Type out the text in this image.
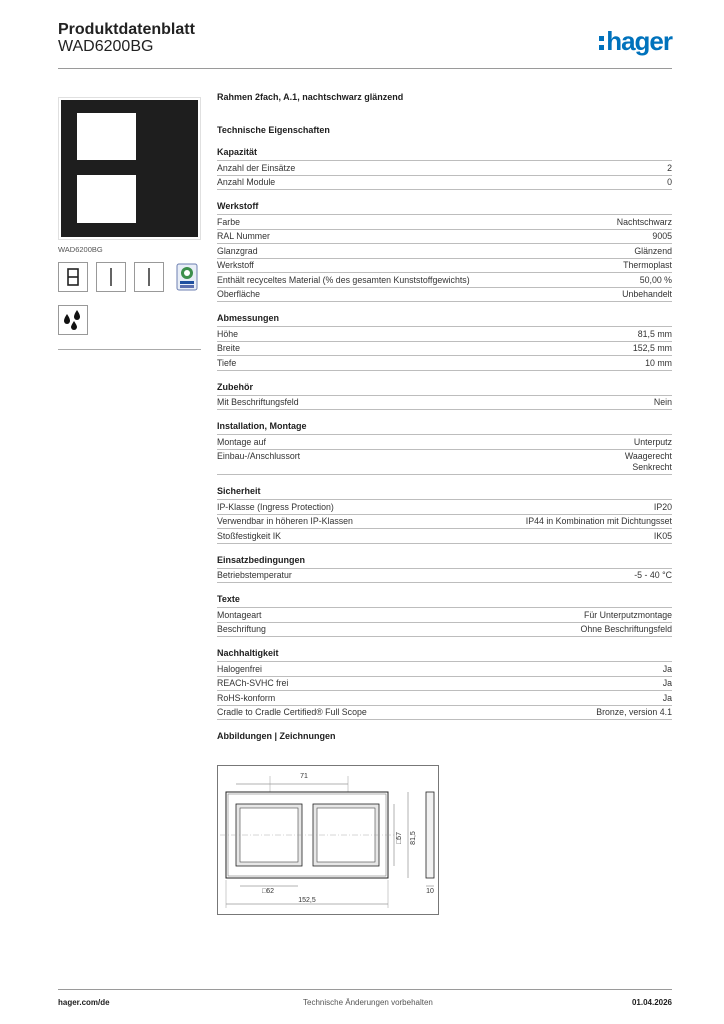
Produktdatenblatt
WAD6200BG	hager
WAD6200BG
Rahmen 2fach, A.1, nachtschwarz glänzend
Technische Eigenschaften
Kapazität
Anzahl der Einsätze	2
Anzahl Module	0
Werkstoff
Farbe	Nachtschwarz
RAL Nummer	9005
Glanzgrad	Glänzend
Werkstoff	Thermoplast
Enthält recyceltes Material (% des gesamten Kunststoffgewichts)	50,00 %
Oberfläche	Unbehandelt
Abmessungen
Höhe	81,5 mm
Breite	152,5 mm
Tiefe	10 mm
Zubehör
Mit Beschriftungsfeld	Nein
Installation, Montage
Montage auf	Unterputz
Einbau-/Anschlussort	Waagerecht
Senkrecht
Sicherheit
IP-Klasse (Ingress Protection)	IP20
Verwendbar in höheren IP-Klassen	IP44 in Kombination mit Dichtungsset
Stoßfestigkeit IK	IK05
Einsatzbedingungen
Betriebstemperatur	-5 - 40 °C
Texte
Montageart	Für Unterputzmontage
Beschriftung	Ohne Beschriftungsfeld
Nachhaltigkeit
Halogenfrei	Ja
REACh-SVHC frei	Ja
RoHS-konform	Ja
Cradle to Cradle Certified® Full Scope	Bronze, version 4.1
Abbildungen | Zeichnungen
71
□57 81,5
□62
152,5
10
hager.com/de	Technische Änderungen vorbehalten	01.04.2026
